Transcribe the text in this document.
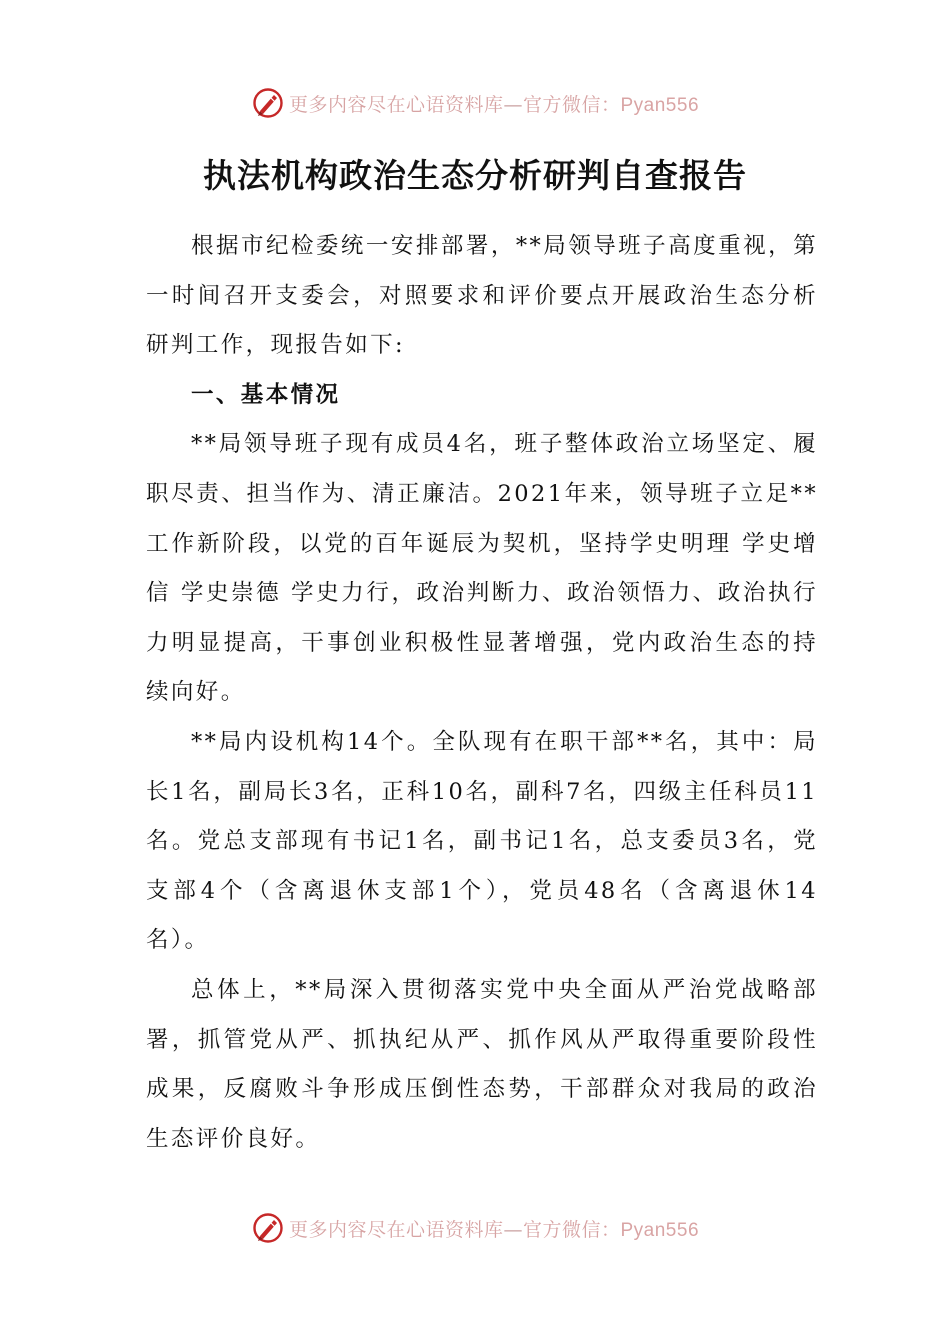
更多内容尽在心语资料库—官方微信：Pyan556
执法机构政治生态分析研判自查报告

根据市纪检委统一安排部署，**局领导班子高度重视，第一时间召开支委会，对照要求和评价要点开展政治生态分析研判工作，现报告如下:

一、基本情况

**局领导班子现有成员4名，班子整体政治立场坚定、履职尽责、担当作为、清正廉洁。2021年来，领导班子立足**工作新阶段，以党的百年诞辰为契机，坚持学史明理 学史增信 学史崇德 学史力行，政治判断力、政治领悟力、政治执行力明显提高，干事创业积极性显著增强，党内政治生态的持续向好。

**局内设机构14个。全队现有在职干部**名，其中：局长1名，副局长3名，正科10名，副科7名，四级主任科员11名。党总支部现有书记1名，副书记1名，总支委员3名，党支部4个（含离退休支部1个），党员48名（含离退休14名）。

总体上，**局深入贯彻落实党中央全面从严治党战略部署，抓管党从严、抓执纪从严、抓作风从严取得重要阶段性成果，反腐败斗争形成压倒性态势，干部群众对我局的政治生态评价良好。

更多内容尽在心语资料库—官方微信：Pyan556
